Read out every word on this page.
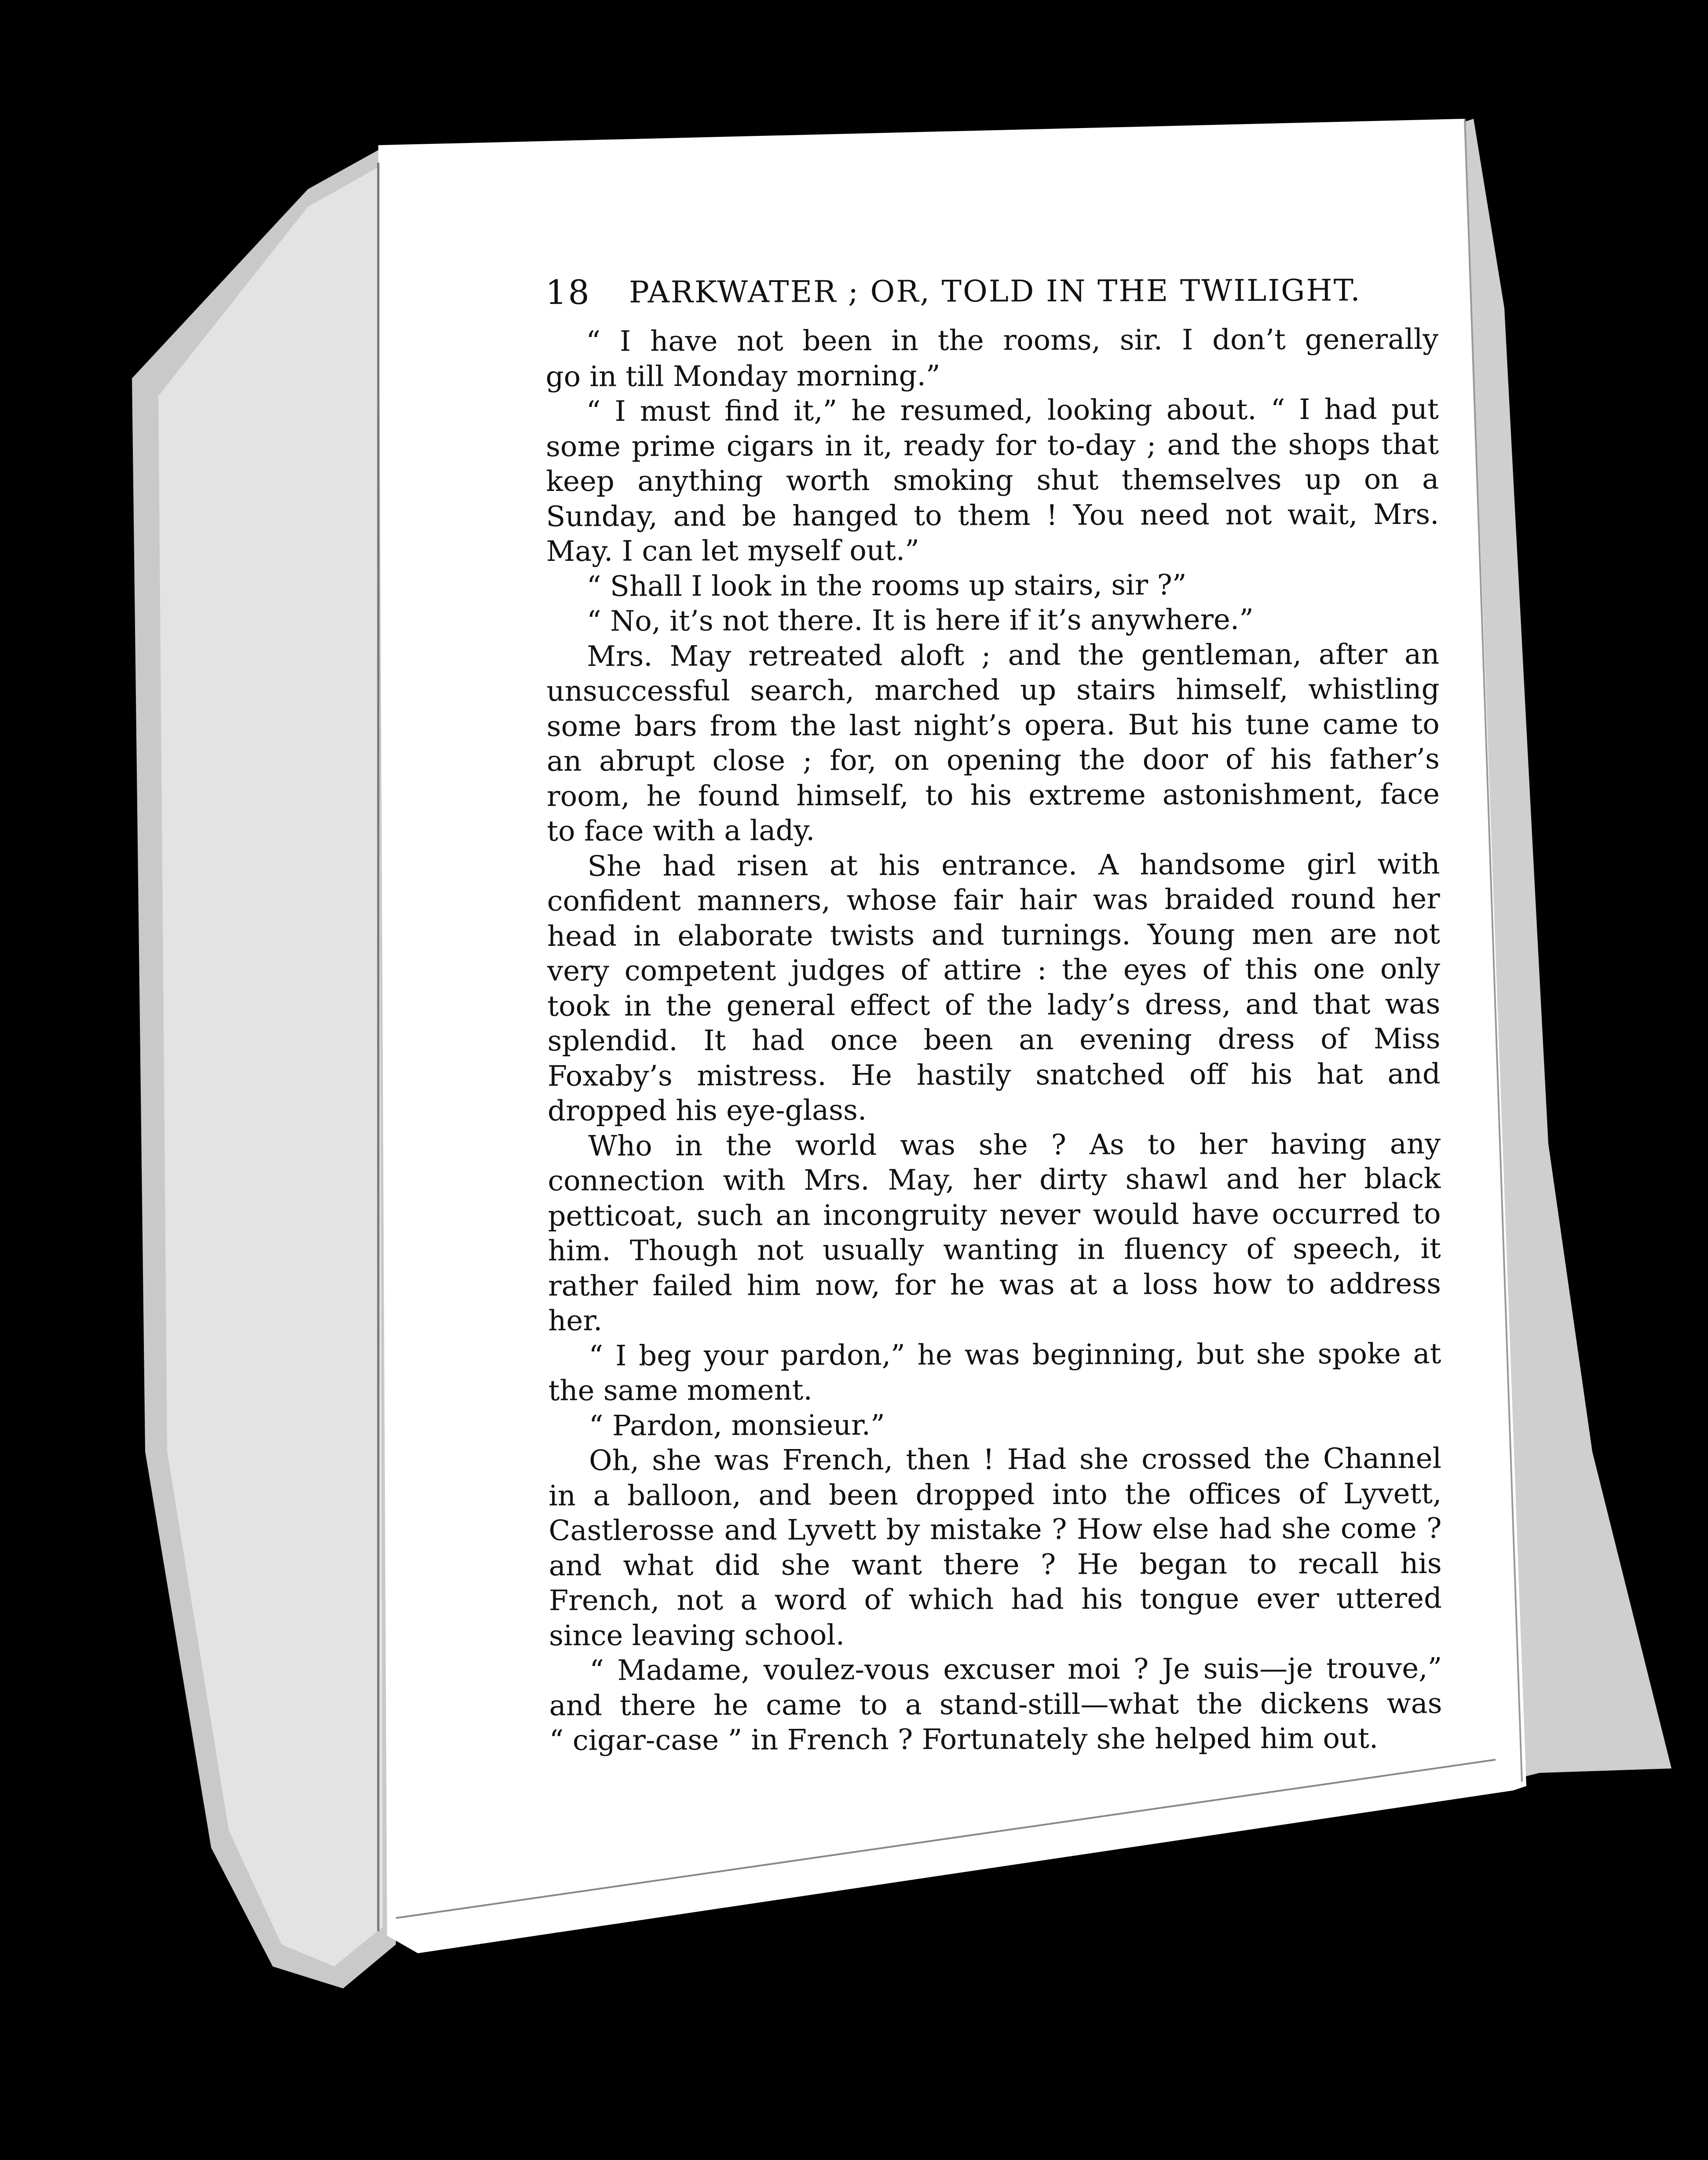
18 PARKWATER ; OR, TOLD IN THE TWILIGHT.
“ I have not been in the rooms, sir. I don’t generally
go in till Monday morning.”
“ I must find it,” he resumed, looking about. “ I had put
some prime cigars in it, ready for to-day ; and the shops that
keep anything worth smoking shut themselves up on a
Sunday, and be hanged to them ! You need not wait, Mrs.
May. I can let myself out.”
“ Shall I look in the rooms up stairs, sir ?”
“ No, it’s not there. It is here if it’s anywhere.”
Mrs. May retreated aloft ; and the gentleman, after an
unsuccessful search, marched up stairs himself, whistling
some bars from the last night’s opera. But his tune came to
an abrupt close ; for, on opening the door of his father’s
room, he found himself, to his extreme astonishment, face
to face with a lady.
She had risen at his entrance. A handsome girl with
confident manners, whose fair hair was braided round her
head in elaborate twists and turnings. Young men are not
very competent judges of attire : the eyes of this one only
took in the general effect of the lady’s dress, and that was
splendid. It had once been an evening dress of Miss
Foxaby’s mistress. He hastily snatched off his hat and
dropped his eye-glass.
Who in the world was she ? As to her having any
connection with Mrs. May, her dirty shawl and her black
petticoat, such an incongruity never would have occurred to
him. Though not usually wanting in fluency of speech, it
rather failed him now, for he was at a loss how to address
her.
“ I beg your pardon,” he was beginning, but she spoke at
the same moment.
“ Pardon, monsieur.”
Oh, she was French, then ! Had she crossed the Channel
in a balloon, and been dropped into the offices of Lyvett,
Castlerosse and Lyvett by mistake ? How else had she come ?
and what did she want there ? He began to recall his
French, not a word of which had his tongue ever uttered
since leaving school.
“ Madame, voulez-vous excuser moi ? Je suis—je trouve,”
and there he came to a stand-still—what the dickens was
“ cigar-case ” in French ? Fortunately she helped him out.
